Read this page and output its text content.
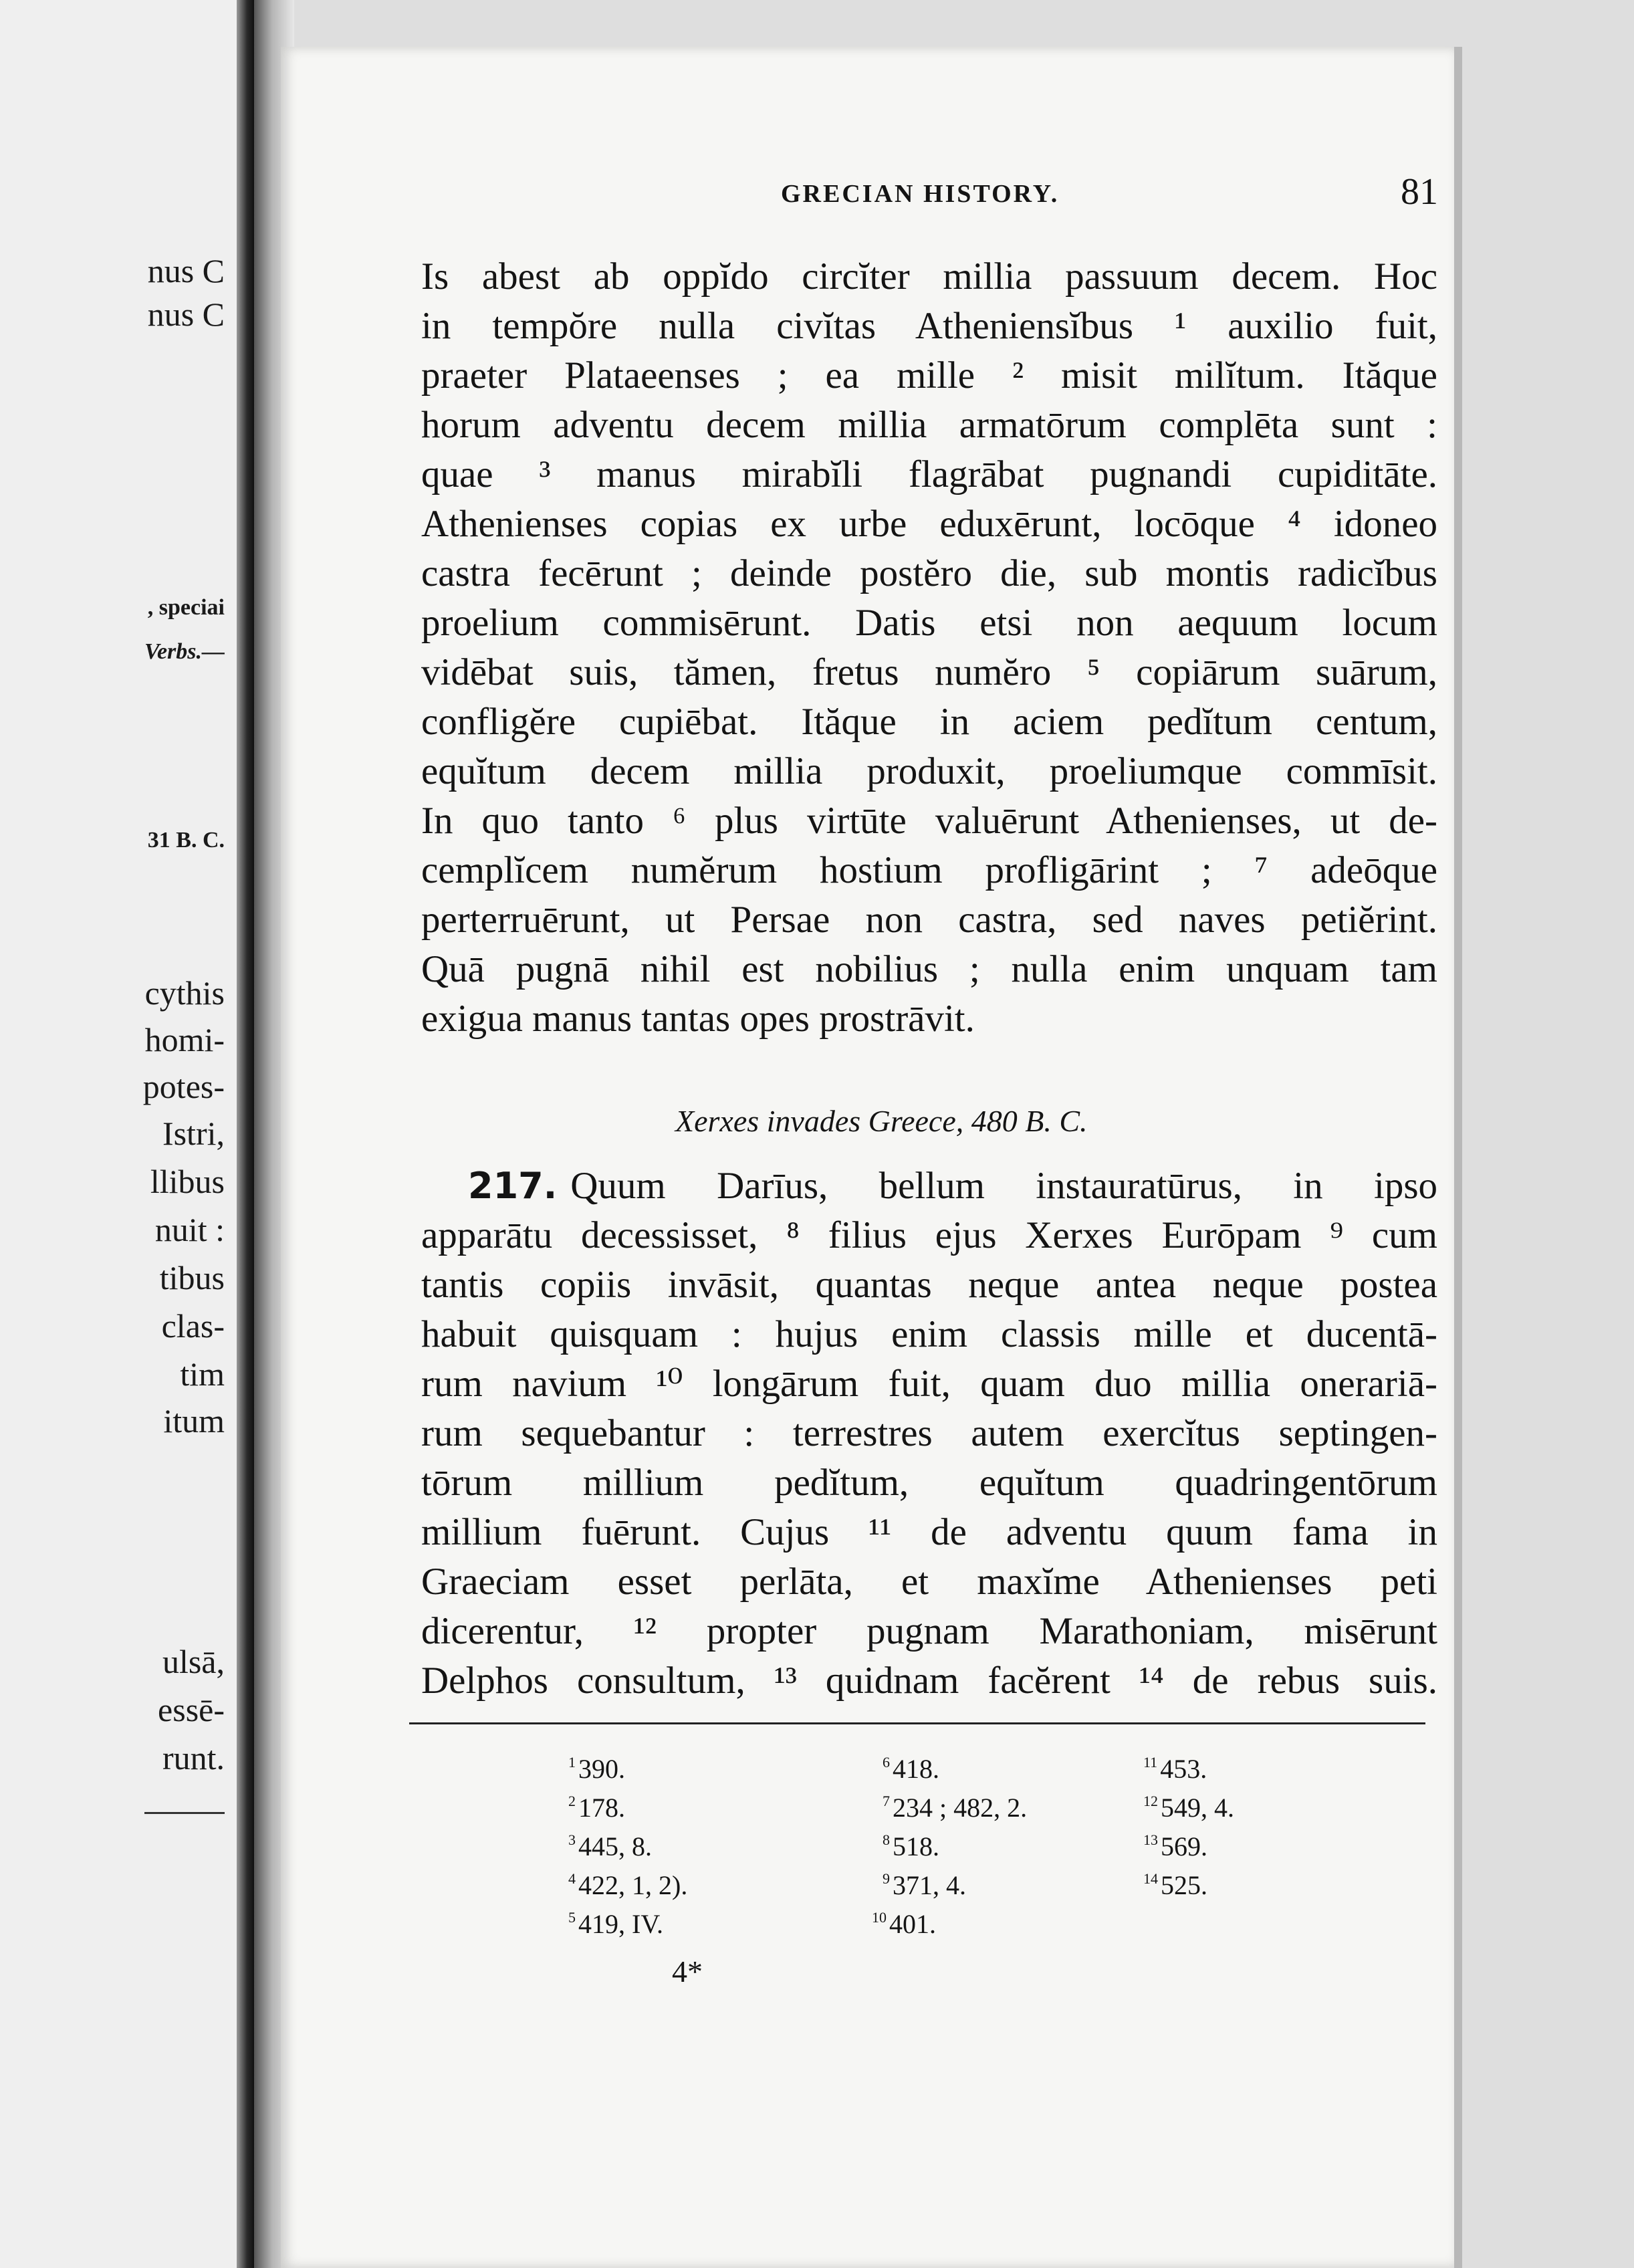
nus C
nus C
, speciai
Verbs.—
31 B. C.
cythis
homi-
potes-
Istri,
llibus
nuit :
tibus
clas-
tim
itum
ulsā,
essē-
runt.
GRECIAN HISTORY.	81
Is abest ab oppĭdo circĭter millia passuum decem. Hoc
in tempŏre nulla civĭtas Atheniensĭbus ¹ auxilio fuit,
praeter Plataeenses ; ea mille ² misit milĭtum. Ităque
horum adventu decem millia armatōrum complēta sunt :
quae ³ manus mirabĭli flagrābat pugnandi cupiditāte.
Athenienses copias ex urbe eduxērunt, locōque ⁴ idoneo
castra fecērunt ; deinde postĕro die, sub montis radicĭbus
proelium commisērunt. Datis etsi non aequum locum
vidēbat suis, tămen, fretus numĕro ⁵ copiārum suārum,
confligĕre cupiēbat. Ităque in aciem pedĭtum centum,
equĭtum decem millia produxit, proeliumque commīsit.
In quo tanto ⁶ plus virtūte valuērunt Athenienses, ut de-
cemplĭcem numĕrum hostium profligārint ; ⁷ adeōque
perterruērunt, ut Persae non castra, sed naves petiĕrint.
Quā pugnā nihil est nobilius ; nulla enim unquam tam
exigua manus tantas opes prostrāvit.
Xerxes invades Greece, 480 B. C.
217. Quum Darīus, bellum instauratūrus, in ipso
apparātu decessisset, ⁸ filius ejus Xerxes Eurōpam ⁹ cum
tantis copiis invāsit, quantas neque antea neque postea
habuit quisquam : hujus enim classis mille et ducentā-
rum navium ¹⁰ longārum fuit, quam duo millia onerariā-
rum sequebantur : terrestres autem exercĭtus septingen-
tōrum millium pedĭtum, equĭtum quadringentōrum
millium fuērunt. Cujus ¹¹ de adventu quum fama in
Graeciam esset perlāta, et maxĭme Athenienses peti
dicerentur, ¹² propter pugnam Marathoniam, misērunt
Delphos consultum, ¹³ quidnam facĕrent ¹⁴ de rebus suis.
$^1$ 390.
$^2$ 178.
$^3$ 445, 8.
$^4$ 422, 1, 2).
$^5$ 419, IV.
$^6$ 418.
$^7$ 234 ; 482, 2.
$^8$ 518.
$^9$ 371, 4.
$^{10}$ 401.
$^{11}$ 453.
$^{12}$ 549, 4.
$^{13}$ 569.
$^{14}$ 525.
4*
